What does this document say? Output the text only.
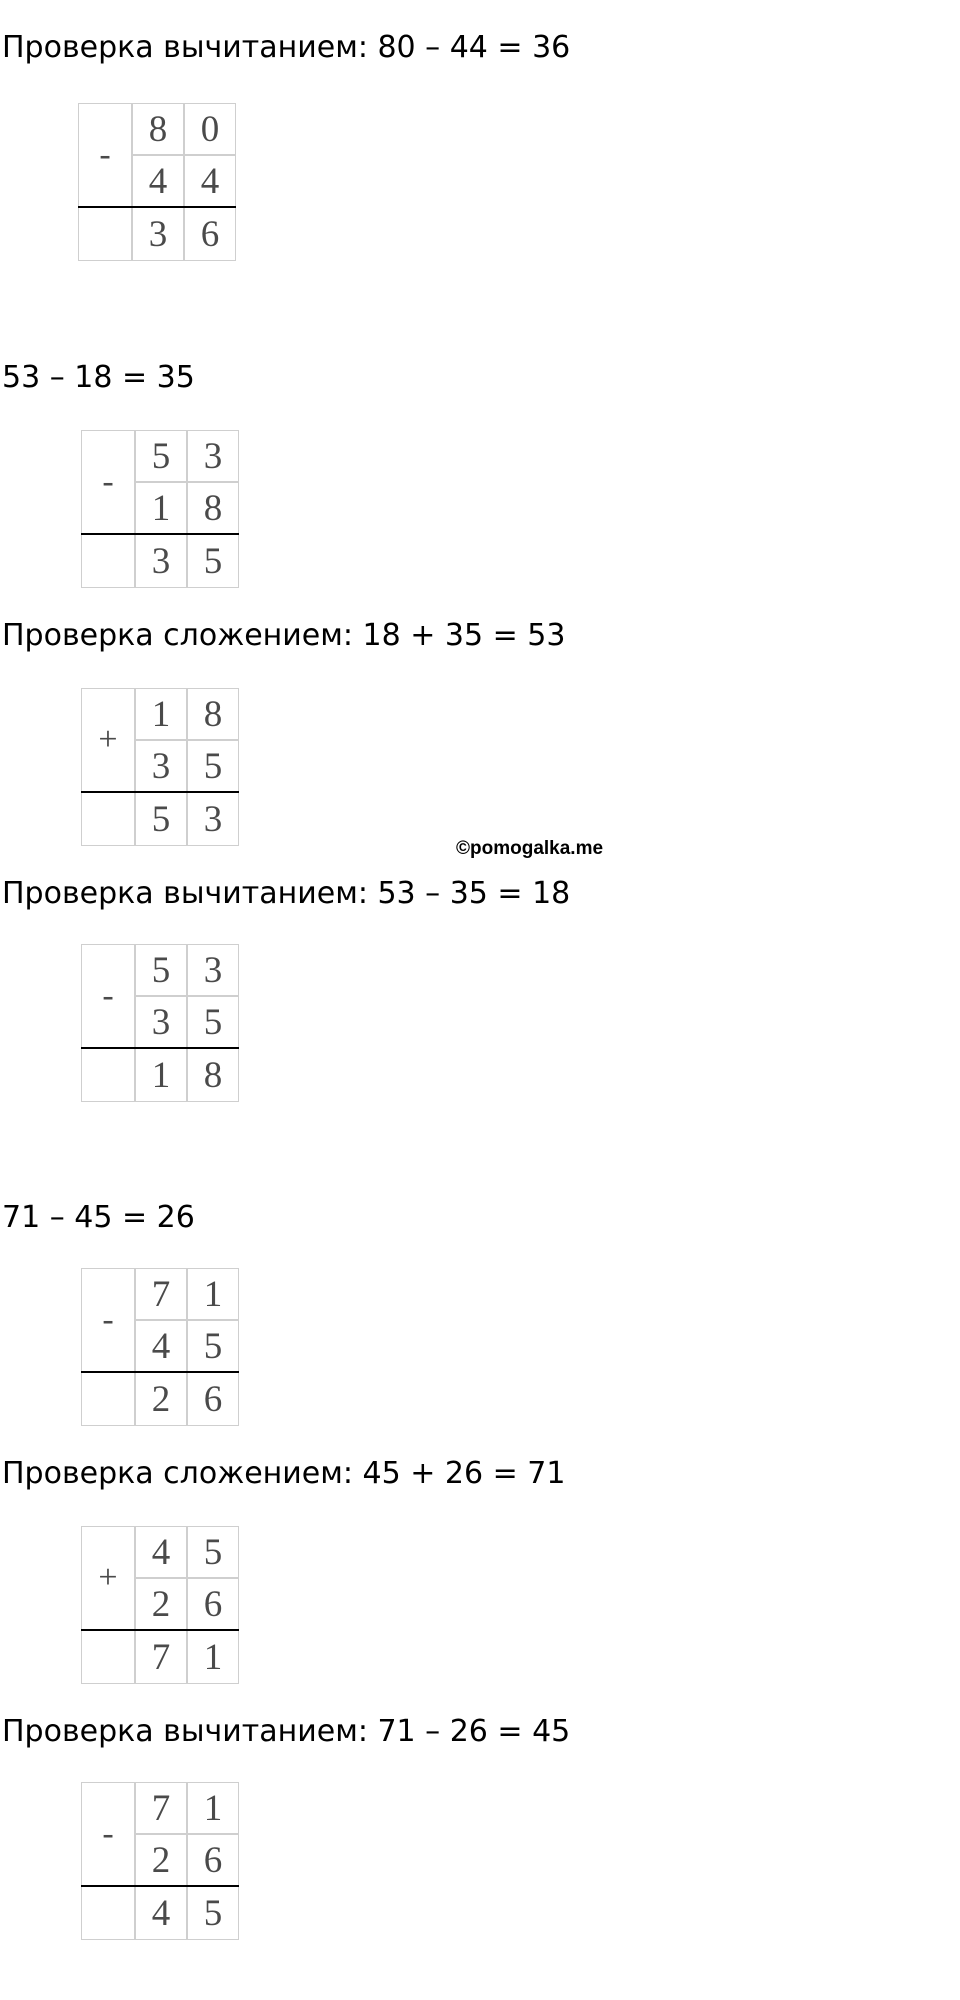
Проверка вычитанием: 80 – 44 = 36
-
8 0
4 4
3 6
53 – 18 = 35
-
5 3
1 8
3 5
Проверка сложением: 18 + 35 = 53
+
1 8
3 5
5 3
©pomogalka.me
Проверка вычитанием: 53 – 35 = 18
-
5 3
3 5
1 8
71 – 45 = 26
-
7 1
4 5
2 6
Проверка сложением: 45 + 26 = 71
+
4 5
2 6
7 1
Проверка вычитанием: 71 – 26 = 45
-
7 1
2 6
4 5
